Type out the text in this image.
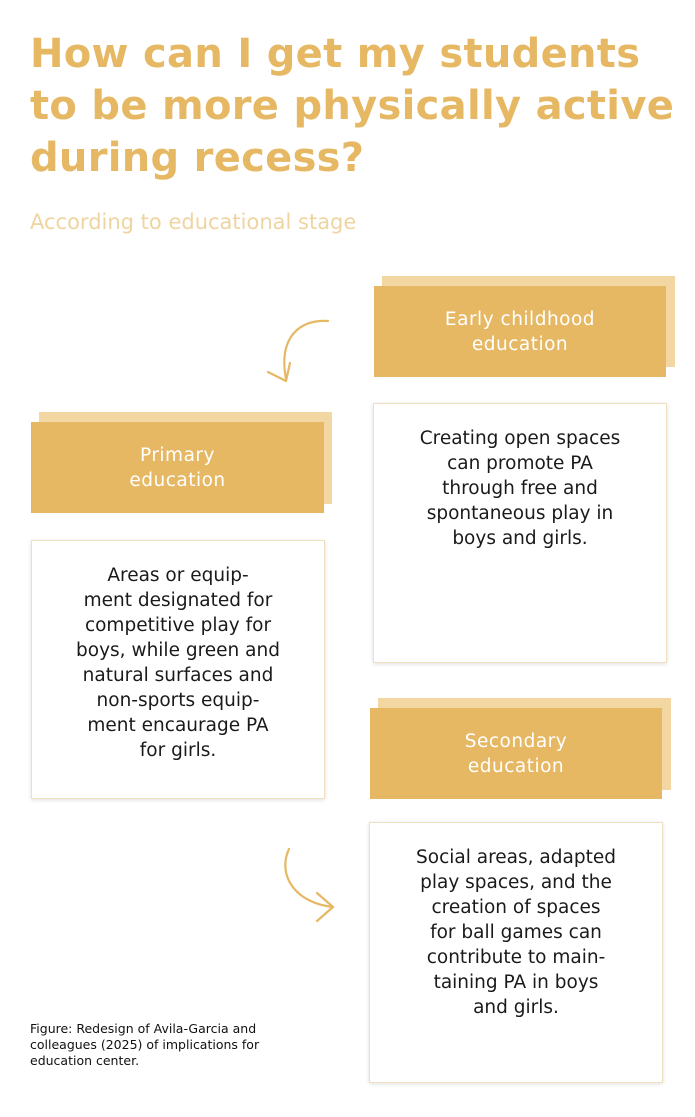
How can I get my students
to be more physically active
during recess?

According to educational stage

Early childhood
education
Creating open spaces
can promote PA
through free and
spontaneous play in
boys and girls.
Primary
education
Areas or equip-
ment designated for
competitive play for
boys, while green and
natural surfaces and
non-sports equip-
ment encaurage PA
for girls.	Secondary
education
Social areas, adapted
play spaces, and the
creation of spaces
for ball games can
contribute to main-
taining PA in boys
and girls.

Figure: Redesign of Avila-Garcia and
colleagues (2025) of implications for
education center.
